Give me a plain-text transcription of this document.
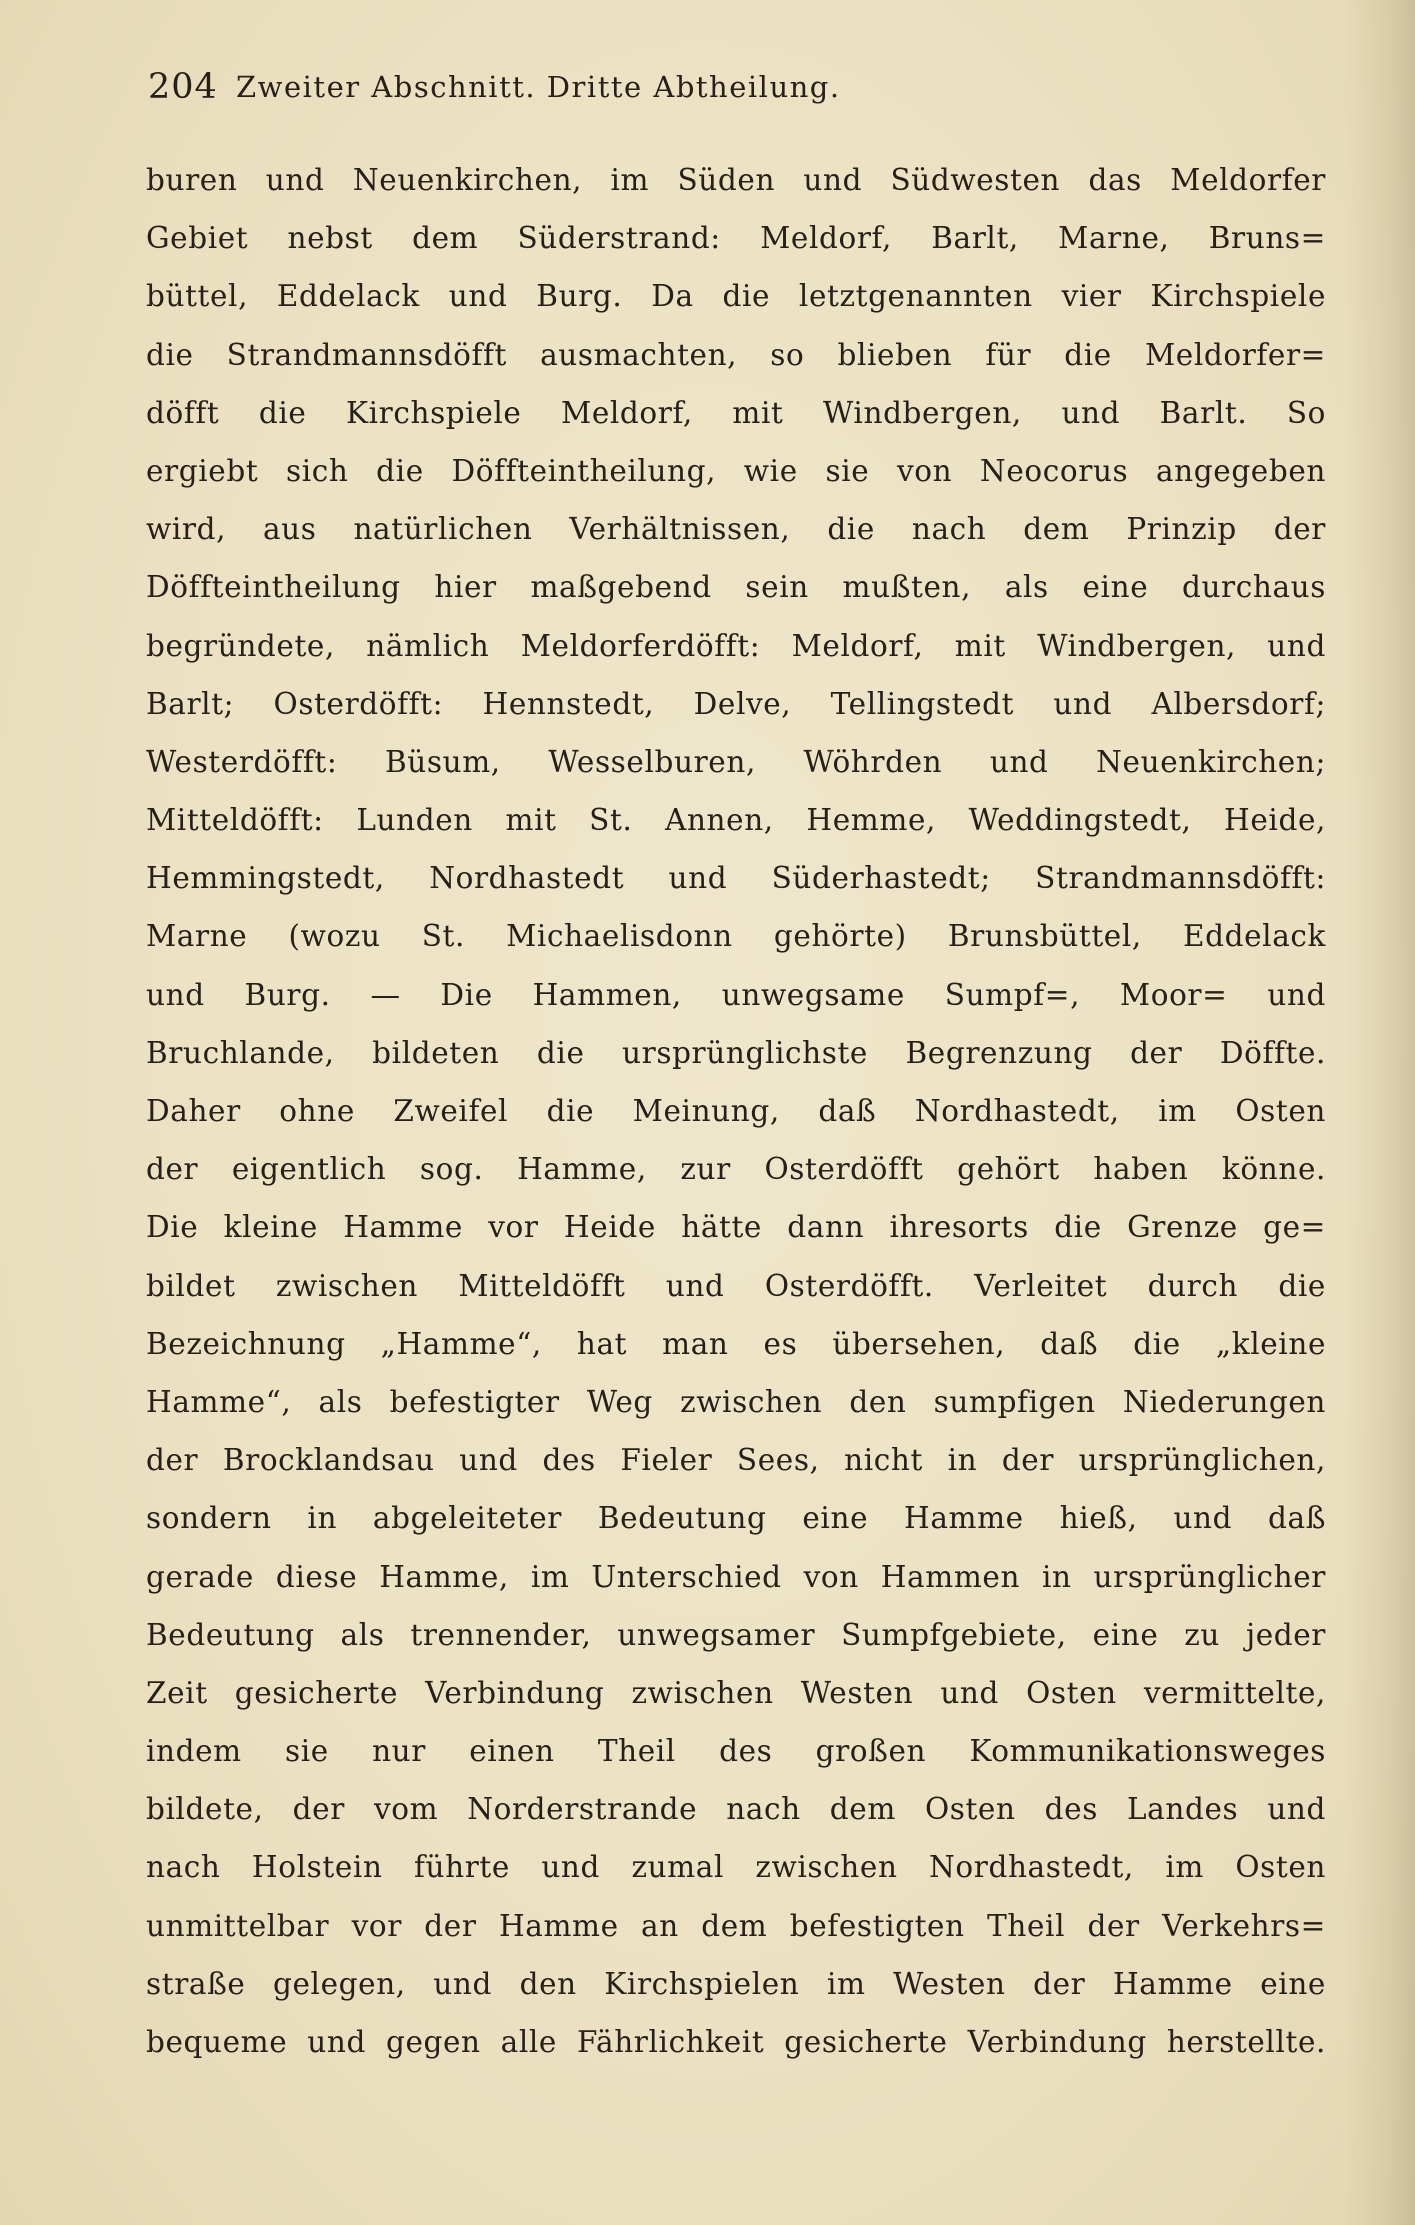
204 Zweiter Abschnitt. Dritte Abtheilung.
buren und Neuenkirchen, im Süden und Südwesten das Meldorfer
Gebiet nebst dem Süderstrand: Meldorf, Barlt, Marne, Bruns=
büttel, Eddelack und Burg. Da die letztgenannten vier Kirchspiele
die Strandmannsdöfft ausmachten, so blieben für die Meldorfer=
döfft die Kirchspiele Meldorf, mit Windbergen, und Barlt. So
ergiebt sich die Döffteintheilung, wie sie von Neocorus angegeben
wird, aus natürlichen Verhältnissen, die nach dem Prinzip der
Döffteintheilung hier maßgebend sein mußten, als eine durchaus
begründete, nämlich Meldorferdöfft: Meldorf, mit Windbergen, und
Barlt; Osterdöfft: Hennstedt, Delve, Tellingstedt und Albersdorf;
Westerdöfft: Büsum, Wesselburen, Wöhrden und Neuenkirchen;
Mitteldöfft: Lunden mit St. Annen, Hemme, Weddingstedt, Heide,
Hemmingstedt, Nordhastedt und Süderhastedt; Strandmannsdöfft:
Marne (wozu St. Michaelisdonn gehörte) Brunsbüttel, Eddelack
und Burg. — Die Hammen, unwegsame Sumpf=, Moor= und
Bruchlande, bildeten die ursprünglichste Begrenzung der Döffte.
Daher ohne Zweifel die Meinung, daß Nordhastedt, im Osten
der eigentlich sog. Hamme, zur Osterdöfft gehört haben könne.
Die kleine Hamme vor Heide hätte dann ihresorts die Grenze ge=
bildet zwischen Mitteldöfft und Osterdöfft. Verleitet durch die
Bezeichnung „Hamme“, hat man es übersehen, daß die „kleine
Hamme“, als befestigter Weg zwischen den sumpfigen Niederungen
der Brocklandsau und des Fieler Sees, nicht in der ursprünglichen,
sondern in abgeleiteter Bedeutung eine Hamme hieß, und daß
gerade diese Hamme, im Unterschied von Hammen in ursprünglicher
Bedeutung als trennender, unwegsamer Sumpfgebiete, eine zu jeder
Zeit gesicherte Verbindung zwischen Westen und Osten vermittelte,
indem sie nur einen Theil des großen Kommunikationsweges
bildete, der vom Norderstrande nach dem Osten des Landes und
nach Holstein führte und zumal zwischen Nordhastedt, im Osten
unmittelbar vor der Hamme an dem befestigten Theil der Verkehrs=
straße gelegen, und den Kirchspielen im Westen der Hamme eine
bequeme und gegen alle Fährlichkeit gesicherte Verbindung herstellte.
